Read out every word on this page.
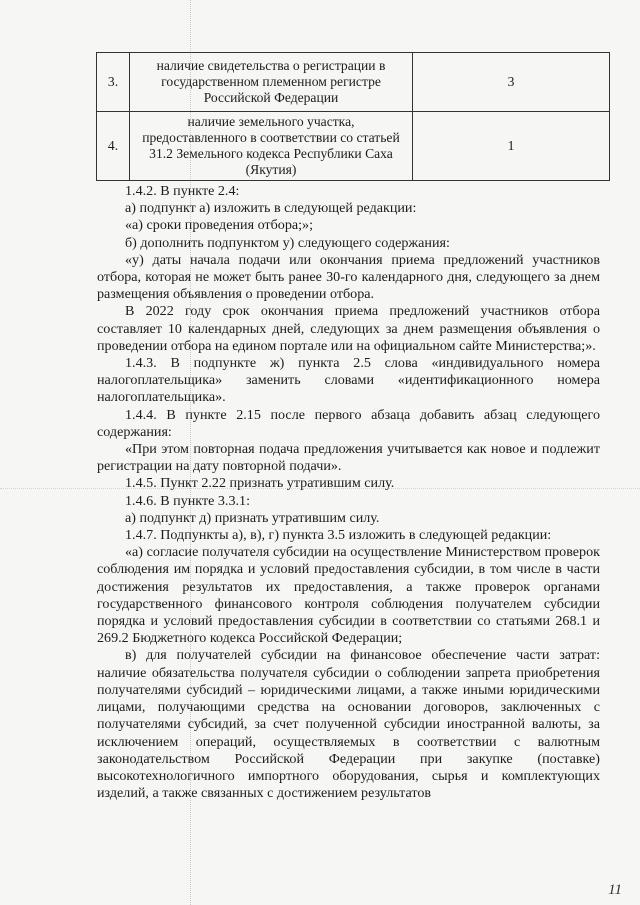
3.	наличие свидетельства о регистрации в государственном племенном регистре Российской Федерации	3
4.	наличие земельного участка, предоставленного в соответствии со статьей 31.2 Земельного кодекса Республики Саха (Якутия)	1

1.4.2. В пункте 2.4:

а) подпункт а) изложить в следующей редакции:

«а) сроки проведения отбора;»;

б) дополнить подпунктом у) следующего содержания:

«у) даты начала подачи или окончания приема предложений участников отбора, которая не может быть ранее 30-го календарного дня, следующего за днем размещения объявления о проведении отбора.

В 2022 году срок окончания приема предложений участников отбора составляет 10 календарных дней, следующих за днем размещения объявления о проведении отбора на едином портале или на официальном сайте Министерства;».

1.4.3. В подпункте ж) пункта 2.5 слова «индивидуального номера налогоплательщика» заменить словами «идентификационного номера налогоплательщика».

1.4.4. В пункте 2.15 после первого абзаца добавить абзац следующего содержания:

«При этом повторная подача предложения учитывается как новое и подлежит регистрации на дату повторной подачи».

1.4.5. Пункт 2.22 признать утратившим силу.

1.4.6. В пункте 3.3.1:

а) подпункт д) признать утратившим силу.

1.4.7. Подпункты а), в), г) пункта 3.5 изложить в следующей редакции:

«а) согласие получателя субсидии на осуществление Министерством проверок соблюдения им порядка и условий предоставления субсидии, в том числе в части достижения результатов их предоставления, а также проверок органами государственного финансового контроля соблюдения получателем субсидии порядка и условий предоставления субсидии в соответствии со статьями 268.1 и 269.2 Бюджетного кодекса Российской Федерации;

в) для получателей субсидии на финансовое обеспечение части затрат: наличие обязательства получателя субсидии о соблюдении запрета приобретения получателями субсидий – юридическими лицами, а также иными юридическими лицами, получающими средства на основании договоров, заключенных с получателями субсидий, за счет полученной субсидии иностранной валюты, за исключением операций, осуществляемых в соответствии с валютным законодательством Российской Федерации при закупке (поставке) высокотехнологичного импортного оборудования, сырья и комплектующих изделий, а также связанных с достижением результатов

11
